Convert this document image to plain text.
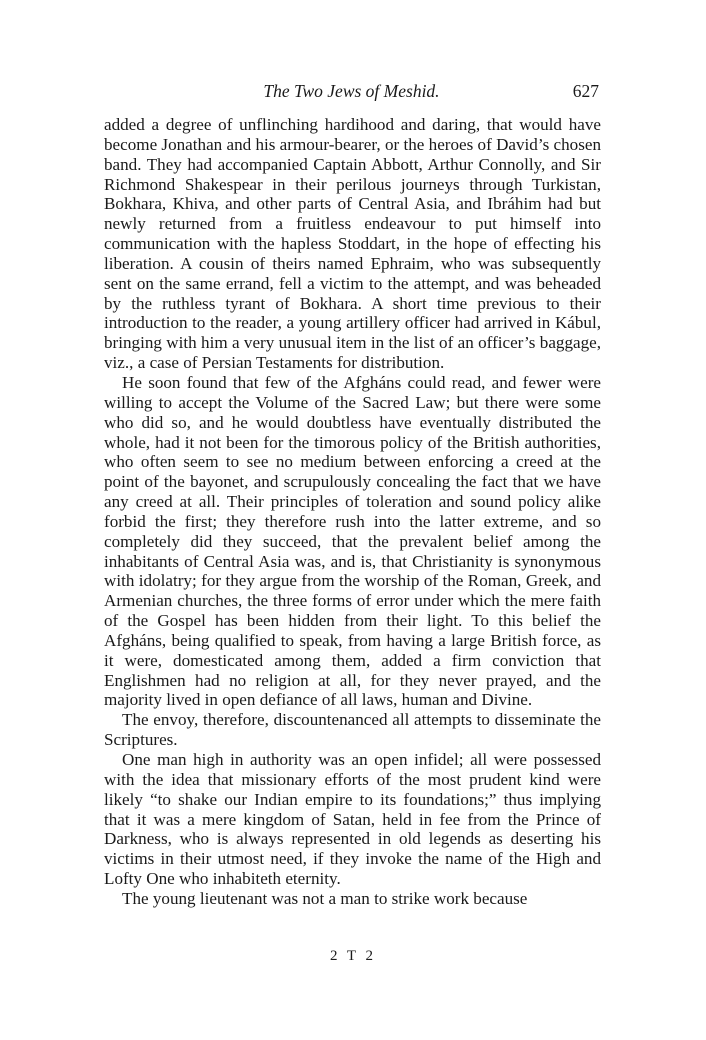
The Two Jews of Meshid.	627

added a degree of unflinching hardihood and daring, that would have become Jonathan and his armour-bearer, or the heroes of David’s chosen band. They had accompanied Captain Abbott, Arthur Connolly, and Sir Richmond Shakespear in their perilous journeys through Turkistan, Bokhara, Khiva, and other parts of Central Asia, and Ibráhim had but newly returned from a fruitless endeavour to put himself into communication with the hapless Stoddart, in the hope of effecting his liberation. A cousin of theirs named Ephraim, who was subsequently sent on the same errand, fell a victim to the attempt, and was beheaded by the ruthless tyrant of Bokhara. A short time previous to their introduction to the reader, a young artillery officer had arrived in Kábul, bringing with him a very unusual item in the list of an officer’s baggage, viz., a case of Persian Testaments for distribution.

He soon found that few of the Afgháns could read, and fewer were willing to accept the Volume of the Sacred Law; but there were some who did so, and he would doubtless have eventually distributed the whole, had it not been for the timorous policy of the British authorities, who often seem to see no medium between enforcing a creed at the point of the bayonet, and scrupulously concealing the fact that we have any creed at all. Their principles of toleration and sound policy alike forbid the first; they therefore rush into the latter extreme, and so completely did they succeed, that the prevalent belief among the inhabitants of Central Asia was, and is, that Christianity is synonymous with idolatry; for they argue from the worship of the Roman, Greek, and Armenian churches, the three forms of error under which the mere faith of the Gospel has been hidden from their light. To this belief the Afgháns, being qualified to speak, from having a large British force, as it were, domesticated among them, added a firm conviction that Englishmen had no religion at all, for they never prayed, and the majority lived in open defiance of all laws, human and Divine.

The envoy, therefore, discountenanced all attempts to disseminate the Scriptures.

One man high in authority was an open infidel; all were possessed with the idea that missionary efforts of the most prudent kind were likely “to shake our Indian empire to its foundations;” thus implying that it was a mere kingdom of Satan, held in fee from the Prince of Darkness, who is always represented in old legends as deserting his victims in their utmost need, if they invoke the name of the High and Lofty One who inhabiteth eternity.

The young lieutenant was not a man to strike work because

2 T 2
